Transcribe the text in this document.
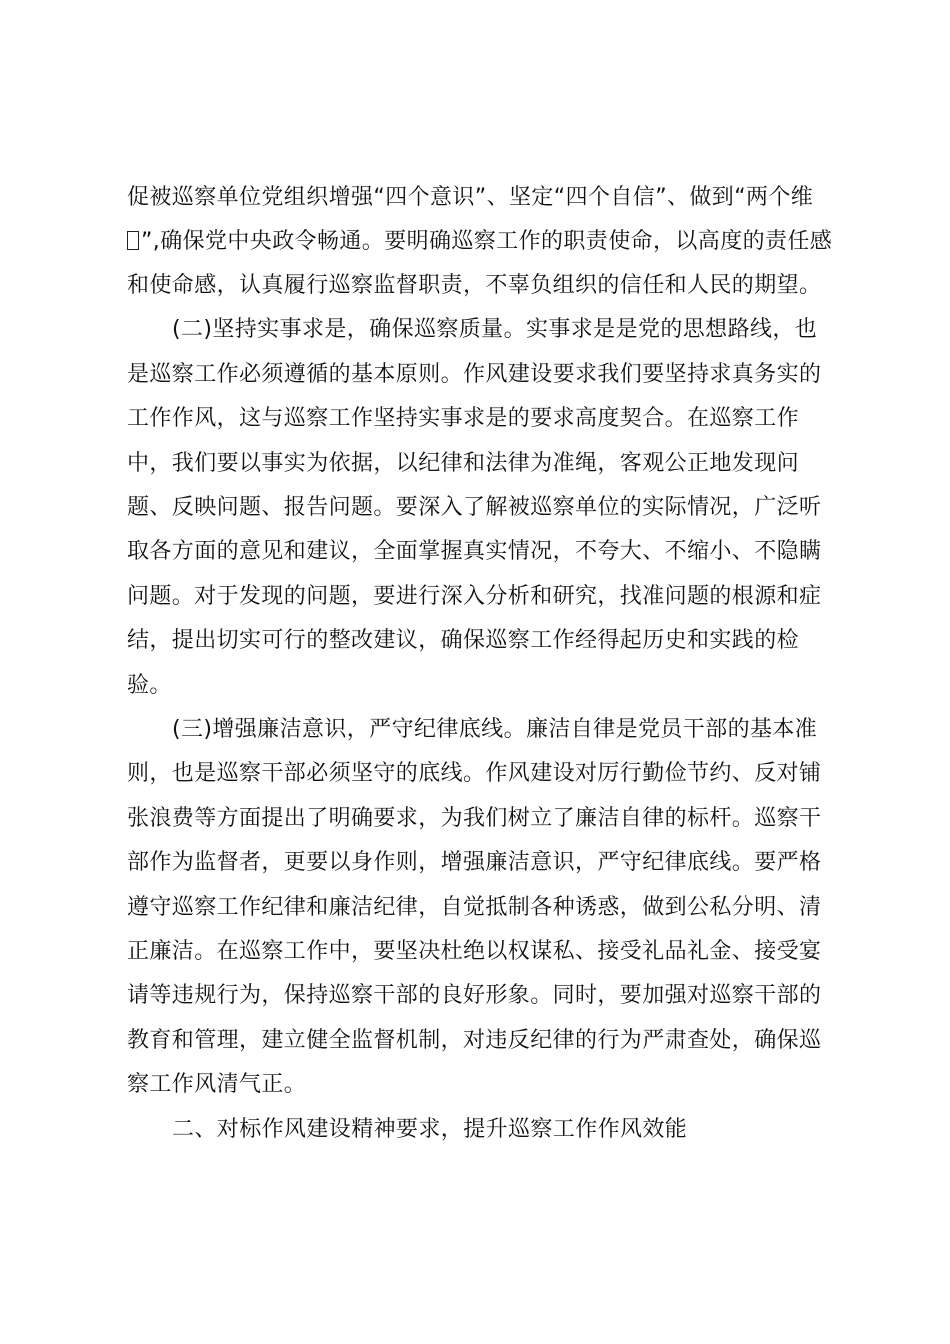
促被巡察单位党组织增强“四个意识”、坚定“四个自信”、做到“两个维
”,确保党中央政令畅通。要明确巡察工作的职责使命，以高度的责任感
和使命感，认真履行巡察监督职责，不辜负组织的信任和人民的期望。
(二)坚持实事求是，确保巡察质量。实事求是是党的思想路线，也
是巡察工作必须遵循的基本原则。作风建设要求我们要坚持求真务实的
工作作风，这与巡察工作坚持实事求是的要求高度契合。在巡察工作
中，我们要以事实为依据，以纪律和法律为准绳，客观公正地发现问
题、反映问题、报告问题。要深入了解被巡察单位的实际情况，广泛听
取各方面的意见和建议，全面掌握真实情况，不夸大、不缩小、不隐瞒
问题。对于发现的问题，要进行深入分析和研究，找准问题的根源和症
结，提出切实可行的整改建议，确保巡察工作经得起历史和实践的检
验。
(三)增强廉洁意识，严守纪律底线。廉洁自律是党员干部的基本准
则，也是巡察干部必须坚守的底线。作风建设对厉行勤俭节约、反对铺
张浪费等方面提出了明确要求，为我们树立了廉洁自律的标杆。巡察干
部作为监督者，更要以身作则，增强廉洁意识，严守纪律底线。要严格
遵守巡察工作纪律和廉洁纪律，自觉抵制各种诱惑，做到公私分明、清
正廉洁。在巡察工作中，要坚决杜绝以权谋私、接受礼品礼金、接受宴
请等违规行为，保持巡察干部的良好形象。同时，要加强对巡察干部的
教育和管理，建立健全监督机制，对违反纪律的行为严肃查处，确保巡
察工作风清气正。
二、对标作风建设精神要求，提升巡察工作作风效能
